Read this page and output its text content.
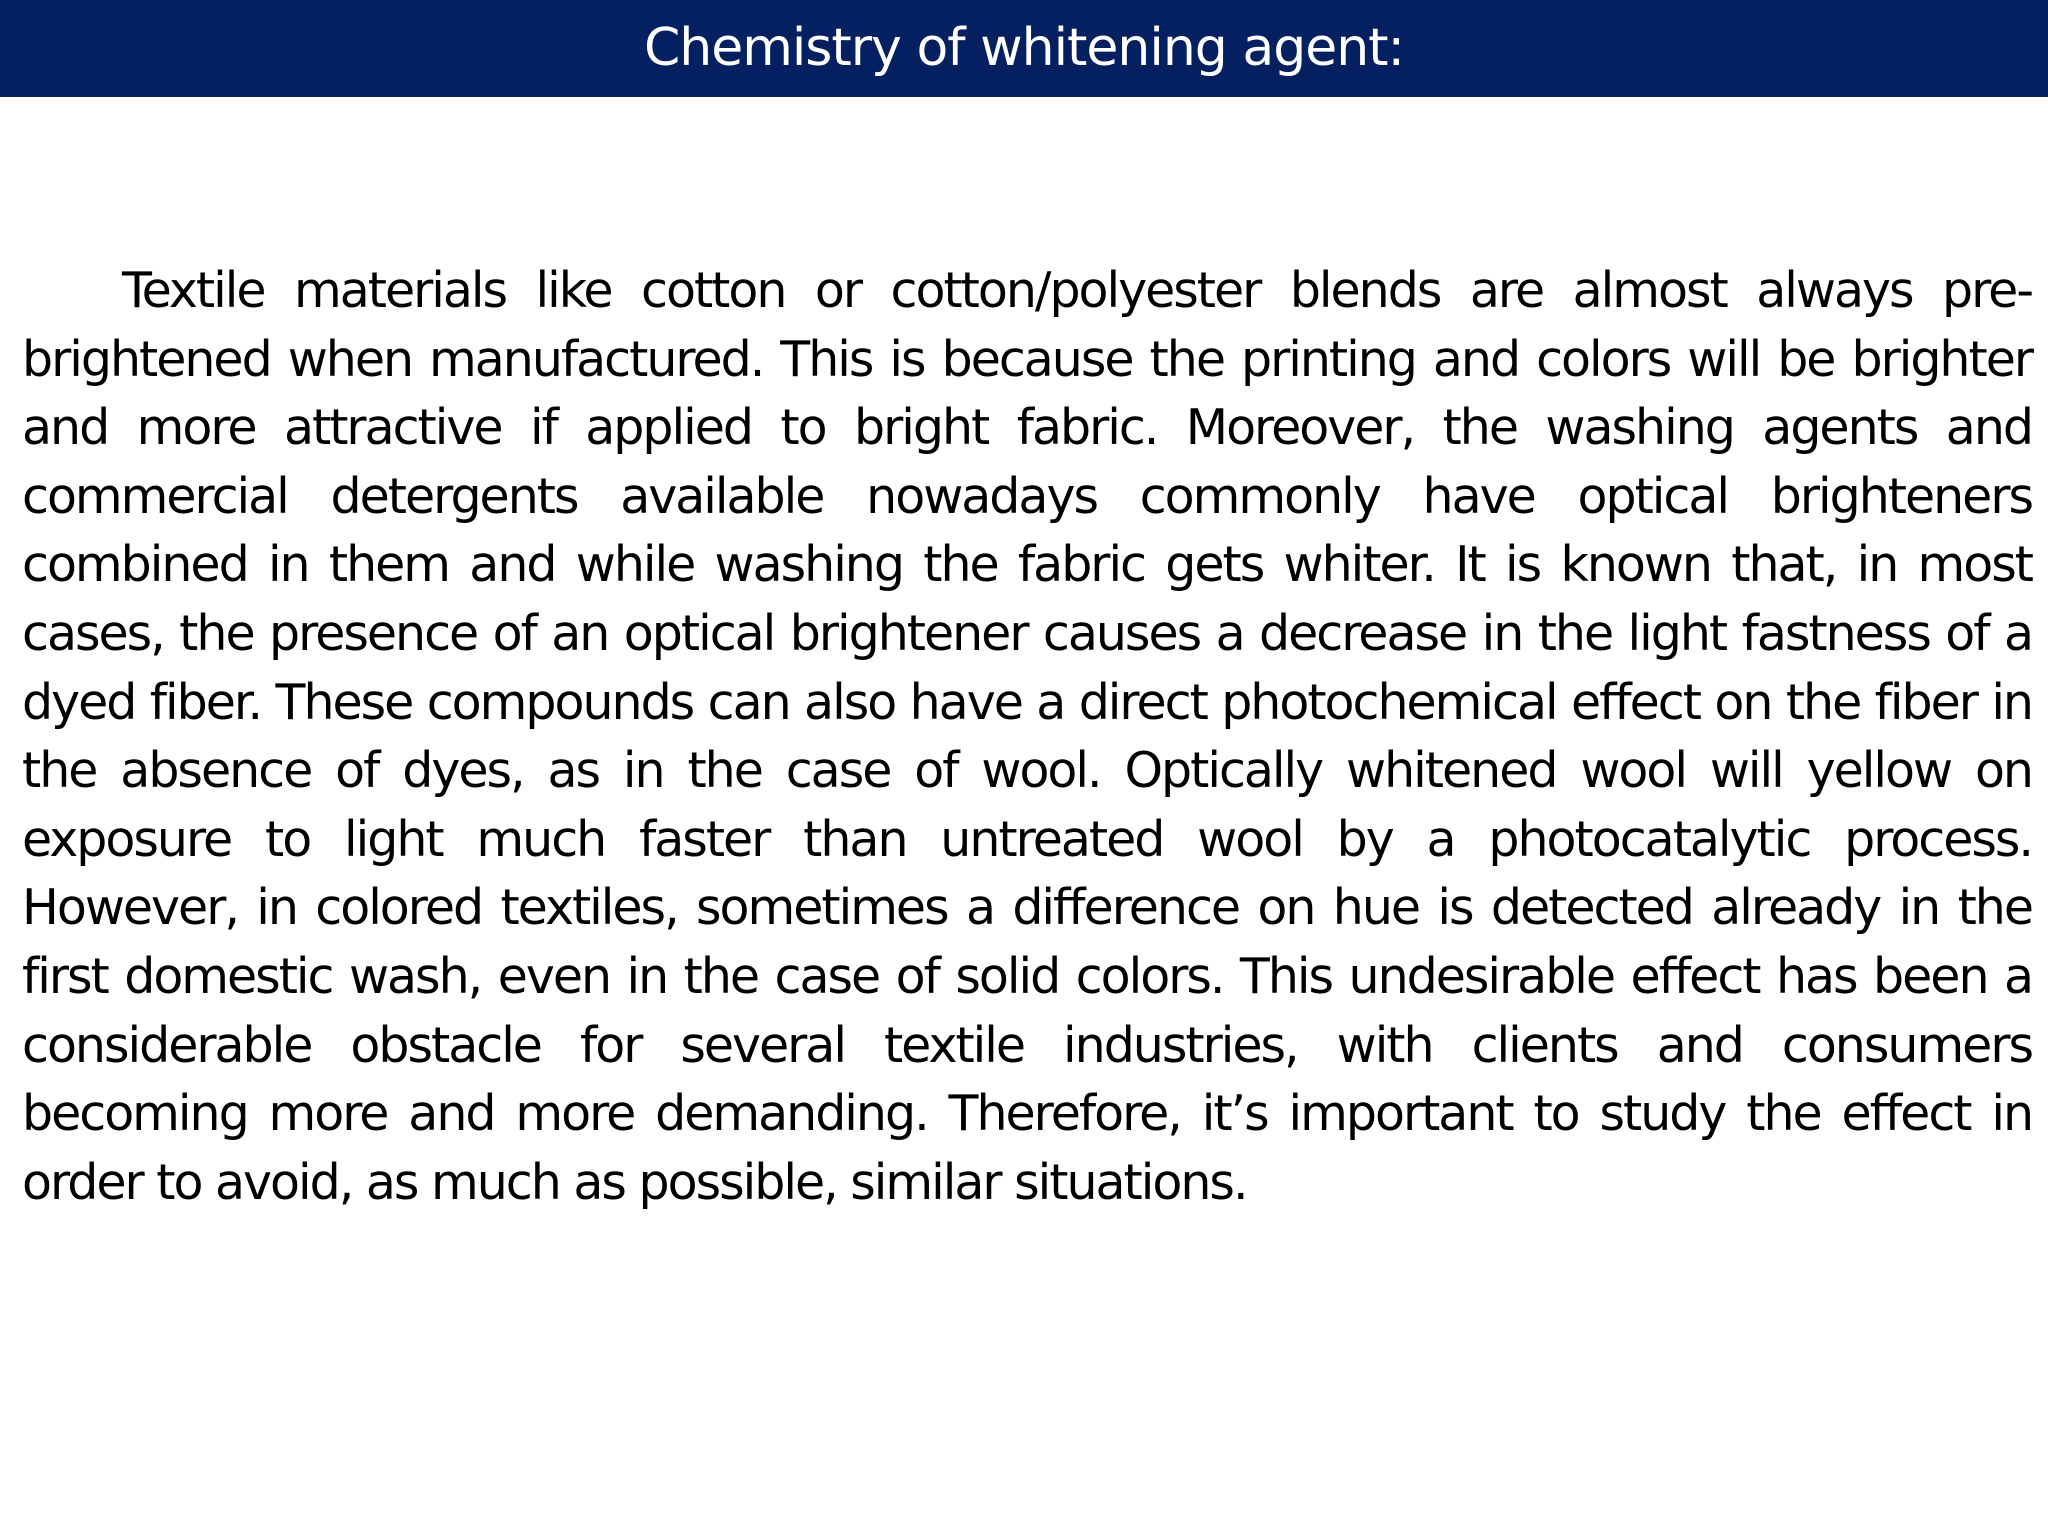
Chemistry of whitening agent:

Textile materials like cotton or cotton/polyester blends are almost always pre-brightened when manufactured. This is because the printing and colors will be brighter and more attractive if applied to bright fabric. Moreover, the washing agents and commercial detergents available nowadays commonly have optical brighteners combined in them and while washing the fabric gets whiter. It is known that, in most cases, the presence of an optical brightener causes a decrease in the light fastness of a dyed fiber. These compounds can also have a direct photochemical effect on the fiber in the absence of dyes, as in the case of wool. Optically whitened wool will yellow on exposure to light much faster than untreated wool by a photocatalytic process. However, in colored textiles, sometimes a difference on hue is detected already in the first domestic wash, even in the case of solid colors. This undesirable effect has been a considerable obstacle for several textile industries, with clients and consumers becoming more and more demanding. Therefore, it’s important to study the effect in order to avoid, as much as possible, similar situations.
